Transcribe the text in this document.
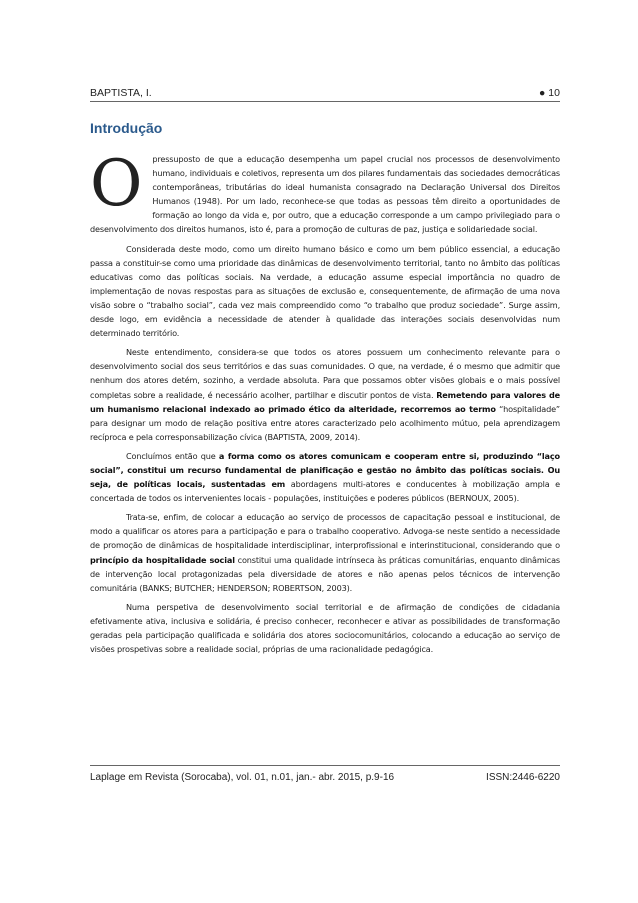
BAPTISTA, I.	● 10
Introdução

O pressuposto de que a educação desempenha um papel crucial nos processos de desenvolvimento humano, individuais e coletivos, representa um dos pilares fundamentais das sociedades democráticas contemporâneas, tributárias do ideal humanista consagrado na Declaração Universal dos Direitos Humanos (1948). Por um lado, reconhece-se que todas as pessoas têm direito a oportunidades de formação ao longo da vida e, por outro, que a educação corresponde a um campo privilegiado para o desenvolvimento dos direitos humanos, isto é, para a promoção de culturas de paz, justiça e solidariedade social.

Considerada deste modo, como um direito humano básico e como um bem público essencial, a educação passa a constituir-se como uma prioridade das dinâmicas de desenvolvimento territorial, tanto no âmbito das políticas educativas como das políticas sociais. Na verdade, a educação assume especial importância no quadro de implementação de novas respostas para as situações de exclusão e, consequentemente, de afirmação de uma nova visão sobre o “trabalho social”, cada vez mais compreendido como “o trabalho que produz sociedade”. Surge assim, desde logo, em evidência a necessidade de atender à qualidade das interações sociais desenvolvidas num determinado território.

Neste entendimento, considera-se que todos os atores possuem um conhecimento relevante para o desenvolvimento social dos seus territórios e das suas comunidades. O que, na verdade, é o mesmo que admitir que nenhum dos atores detém, sozinho, a verdade absoluta. Para que possamos obter visões globais e o mais possível completas sobre a realidade, é necessário acolher, partilhar e discutir pontos de vista. Remetendo para valores de um humanismo relacional indexado ao primado ético da alteridade, recorremos ao termo “hospitalidade” para designar um modo de relação positiva entre atores caracterizado pelo acolhimento mútuo, pela aprendizagem recíproca e pela corresponsabilização cívica (BAPTISTA, 2009, 2014).

Concluímos então que a forma como os atores comunicam e cooperam entre si, produzindo “laço social”, constitui um recurso fundamental de planificação e gestão no âmbito das políticas sociais. Ou seja, de políticas locais, sustentadas em abordagens multi-atores e conducentes à mobilização ampla e concertada de todos os intervenientes locais - populações, instituições e poderes públicos (BERNOUX, 2005).

Trata-se, enfim, de colocar a educação ao serviço de processos de capacitação pessoal e institucional, de modo a qualificar os atores para a participação e para o trabalho cooperativo. Advoga-se neste sentido a necessidade de promoção de dinâmicas de hospitalidade interdisciplinar, interprofissional e interinstitucional, considerando que o princípio da hospitalidade social constitui uma qualidade intrínseca às práticas comunitárias, enquanto dinâmicas de intervenção local protagonizadas pela diversidade de atores e não apenas pelos técnicos de intervenção comunitária (BANKS; BUTCHER; HENDERSON; ROBERTSON, 2003).

Numa perspetiva de desenvolvimento social territorial e de afirmação de condições de cidadania efetivamente ativa, inclusiva e solidária, é preciso conhecer, reconhecer e ativar as possibilidades de transformação geradas pela participação qualificada e solidária dos atores sociocomunitários, colocando a educação ao serviço de visões prospetivas sobre a realidade social, próprias de uma racionalidade pedagógica.

Laplage em Revista (Sorocaba), vol. 01, n.01, jan.- abr. 2015, p.9-16	ISSN:2446-6220
